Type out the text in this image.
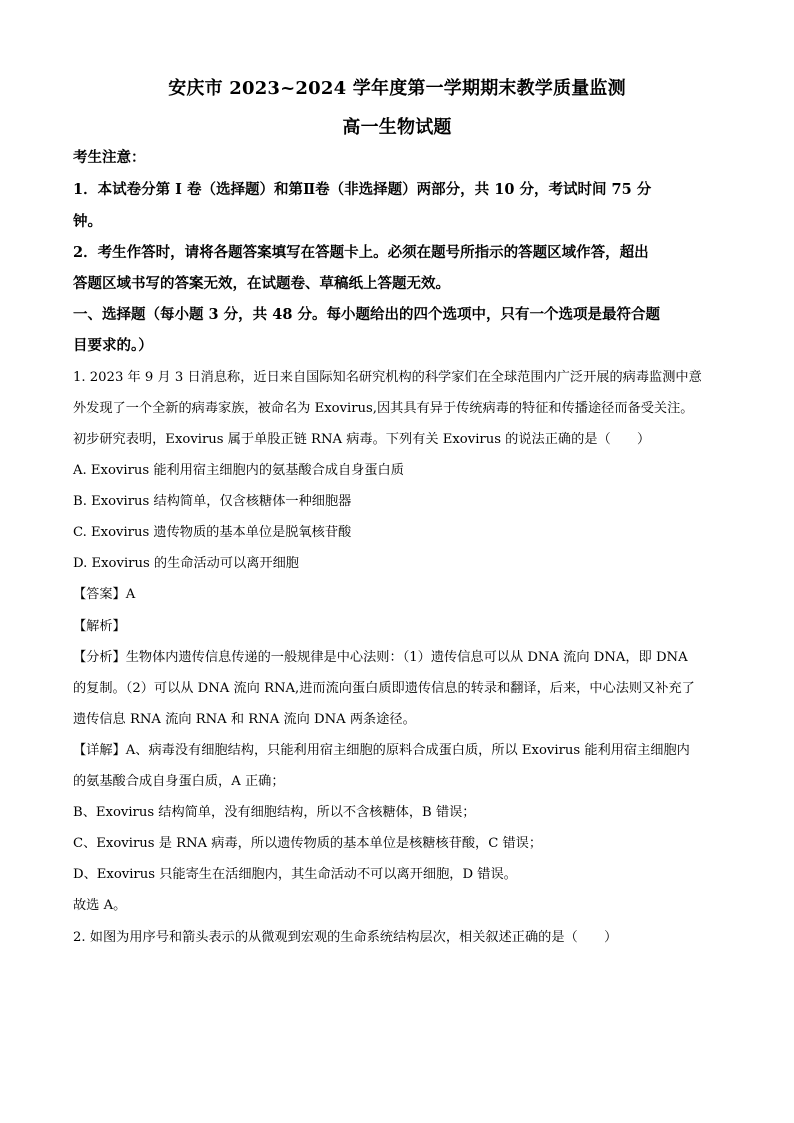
安庆市 2023~2024 学年度第一学期期末教学质量监测
高一生物试题
考生注意：
1．本试卷分第 I 卷（选择题）和第Ⅱ卷（非选择题）两部分，共 10 分，考试时间 75 分
钟。
2．考生作答时，请将各题答案填写在答题卡上。必须在题号所指示的答题区域作答，超出
答题区域书写的答案无效，在试题卷、草稿纸上答题无效。
一、选择题（每小题 3 分，共 48 分。每小题给出的四个选项中，只有一个选项是最符合题
目要求的。）
1. 2023 年 9 月 3 日消息称，近日来自国际知名研究机构的科学家们在全球范围内广泛开展的病毒监测中意
外发现了一个全新的病毒家族，被命名为 Exovirus,因其具有异于传统病毒的特征和传播途径而备受关注。
初步研究表明，Exovirus 属于单股正链 RNA 病毒。下列有关 Exovirus 的说法正确的是（　　）
A. Exovirus 能利用宿主细胞内的氨基酸合成自身蛋白质
B. Exovirus 结构简单，仅含核糖体一种细胞器
C. Exovirus 遗传物质的基本单位是脱氧核苷酸
D. Exovirus 的生命活动可以离开细胞
【答案】A
【解析】
【分析】生物体内遗传信息传递的一般规律是中心法则：（1）遗传信息可以从 DNA 流向 DNA，即 DNA
的复制。（2）可以从 DNA 流向 RNA,进而流向蛋白质即遗传信息的转录和翻译，后来，中心法则又补充了
遗传信息 RNA 流向 RNA 和 RNA 流向 DNA 两条途径。
【详解】A、病毒没有细胞结构，只能利用宿主细胞的原料合成蛋白质，所以 Exovirus 能利用宿主细胞内
的氨基酸合成自身蛋白质，A 正确；
B、Exovirus 结构简单，没有细胞结构，所以不含核糖体，B 错误；
C、Exovirus 是 RNA 病毒，所以遗传物质的基本单位是核糖核苷酸，C 错误；
D、Exovirus 只能寄生在活细胞内，其生命活动不可以离开细胞，D 错误。
故选 A。
2. 如图为用序号和箭头表示的从微观到宏观的生命系统结构层次，相关叙述正确的是（　　）
